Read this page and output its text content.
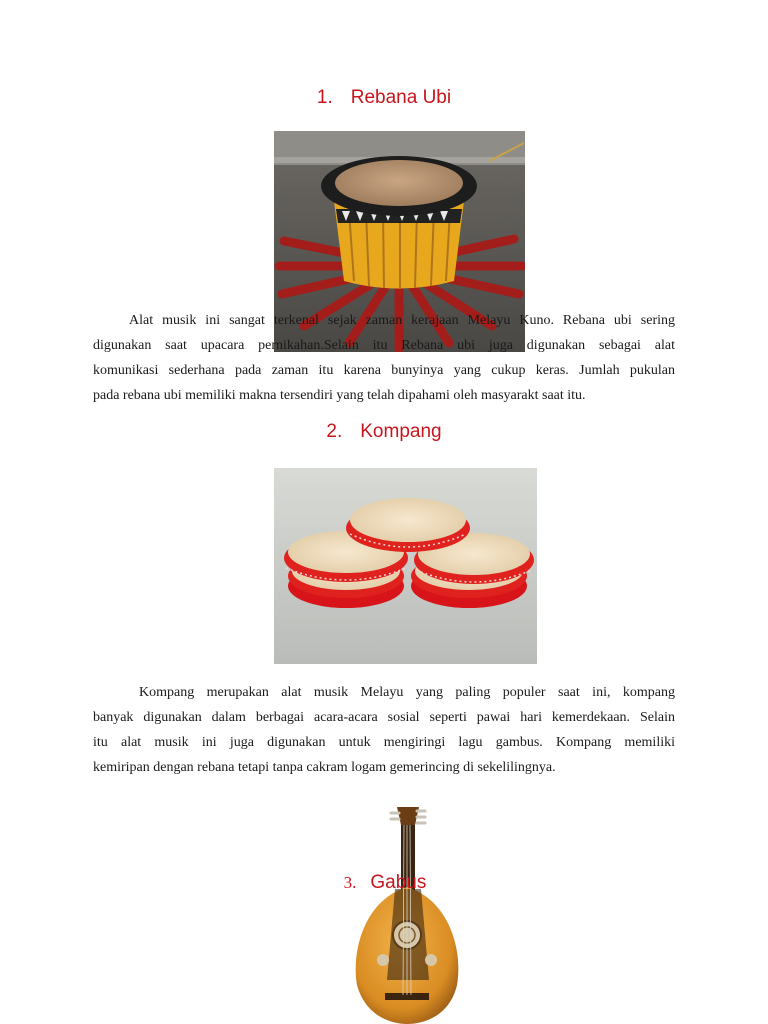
1. Rebana Ubi
Alat musik ini sangat terkenal sejak zaman kerajaan Melayu Kuno. Rebana ubi sering
digunakan saat upacara pernikahan.Selain itu Rebana ubi juga digunakan sebagai alat
komunikasi sederhana pada zaman itu karena bunyinya yang cukup keras. Jumlah pukulan
pada rebana ubi memiliki makna tersendiri yang telah dipahami oleh masyarakt saat itu.
2. Kompang
Kompang merupakan alat musik Melayu yang paling populer saat ini, kompang
banyak digunakan dalam berbagai acara-acara sosial seperti pawai hari kemerdekaan. Selain
itu alat musik ini juga digunakan untuk mengiringi lagu gambus. Kompang memiliki
kemiripan dengan rebana tetapi tanpa cakram logam gemerincing di sekelilingnya.
3. Gabus
